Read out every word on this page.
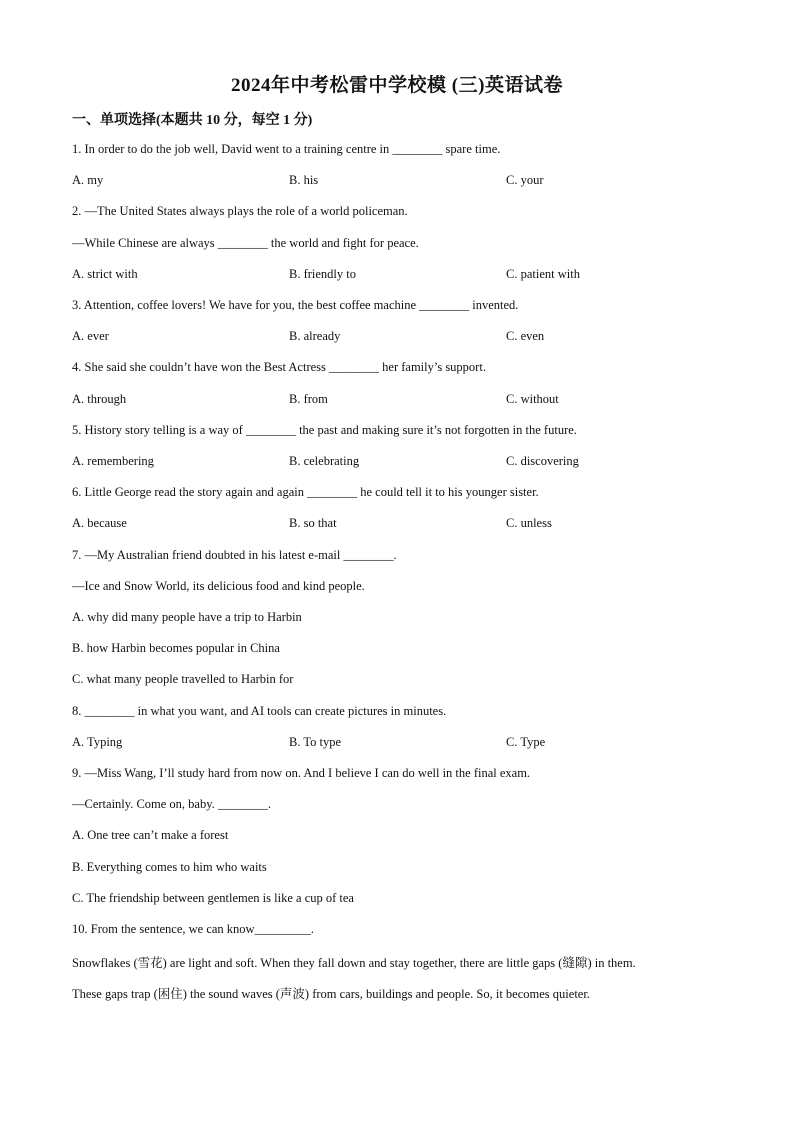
2024年中考松雷中学校模 (三)英语试卷
一、单项选择(本题共 10 分，每空 1 分)
1. In order to do the job well, David went to a training centre in ________ spare time.
A. my	B. his	C. your
2. —The United States always plays the role of a world policeman.
—While Chinese are always ________ the world and fight for peace.
A. strict with	B. friendly to	C. patient with
3. Attention, coffee lovers! We have for you, the best coffee machine ________ invented.
A. ever	B. already	C. even
4. She said she couldn’t have won the Best Actress ________ her family’s support.
A. through	B. from	C. without
5. History story telling is a way of ________ the past and making sure it’s not forgotten in the future.
A. remembering	B. celebrating	C. discovering
6. Little George read the story again and again ________ he could tell it to his younger sister.
A. because	B. so that	C. unless
7. —My Australian friend doubted in his latest e-mail ________.
—Ice and Snow World, its delicious food and kind people.
A. why did many people have a trip to Harbin
B. how Harbin becomes popular in China
C. what many people travelled to Harbin for
8. ________ in what you want, and AI tools can create pictures in minutes.
A. Typing	B. To type	C. Type
9. —Miss Wang, I’ll study hard from now on. And I believe I can do well in the final exam.
—Certainly. Come on, baby. ________.
A. One tree can’t make a forest
B. Everything comes to him who waits
C. The friendship between gentlemen is like a cup of tea
10. From the sentence, we can know_________.
Snowflakes (雪花) are light and soft. When they fall down and stay together, there are little gaps (缝隙) in them.
These gaps trap (困住) the sound waves (声波) from cars, buildings and people. So, it becomes quieter.
